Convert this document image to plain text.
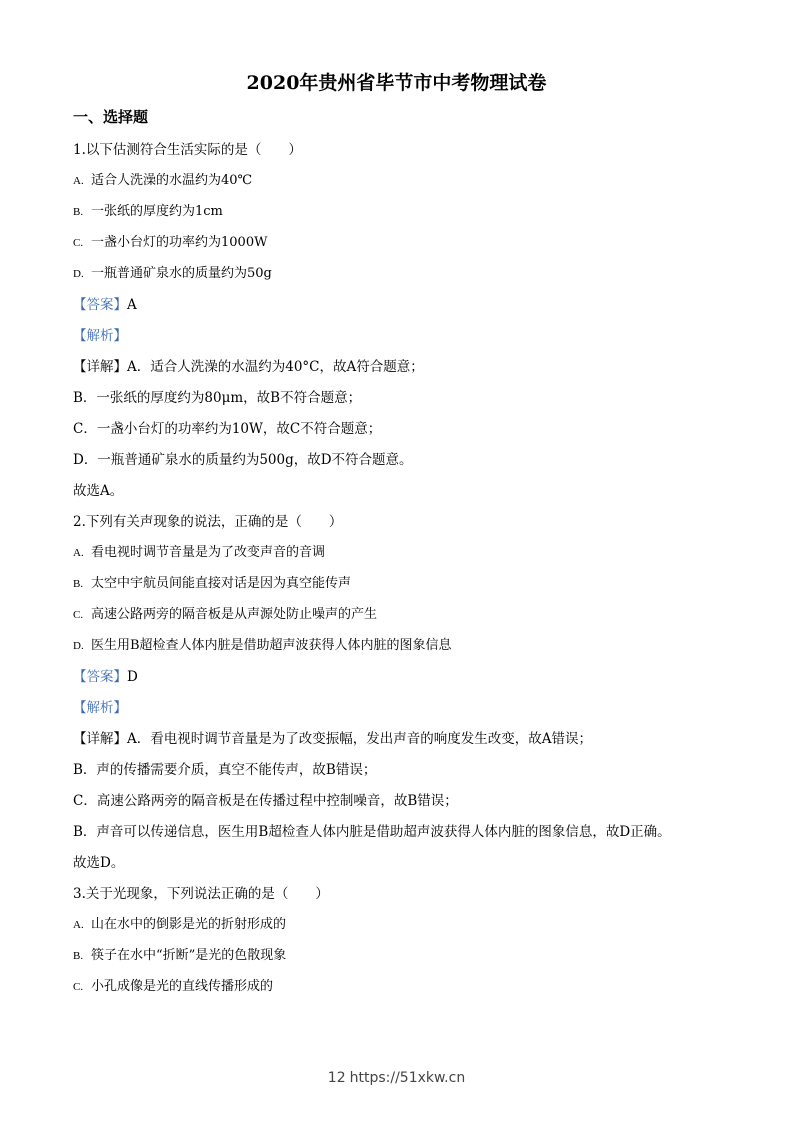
2020年贵州省毕节市中考物理试卷
一、选择题
1.以下估测符合生活实际的是（　　）
A. 适合人洗澡的水温约为40℃
B. 一张纸的厚度约为1cm
C. 一盏小台灯的功率约为1000W
D. 一瓶普通矿泉水的质量约为50g
【答案】A
【解析】
【详解】A．适合人洗澡的水温约为40°C，故A符合题意；
B．一张纸的厚度约为80μm，故B不符合题意；
C．一盏小台灯的功率约为10W，故C不符合题意；
D．一瓶普通矿泉水的质量约为500g，故D不符合题意。
故选A。
2.下列有关声现象的说法，正确的是（　　）
A. 看电视时调节音量是为了改变声音的音调
B. 太空中宇航员间能直接对话是因为真空能传声
C. 高速公路两旁的隔音板是从声源处防止噪声的产生
D. 医生用B超检查人体内脏是借助超声波获得人体内脏的图象信息
【答案】D
【解析】
【详解】A．看电视时调节音量是为了改变振幅，发出声音的响度发生改变，故A错误；
B．声的传播需要介质，真空不能传声，故B错误；
C．高速公路两旁的隔音板是在传播过程中控制噪音，故B错误；
B．声音可以传递信息，医生用B超检查人体内脏是借助超声波获得人体内脏的图象信息，故D正确。
故选D。
3.关于光现象，下列说法正确的是（　　）
A. 山在水中的倒影是光的折射形成的
B. 筷子在水中“折断”是光的色散现象
C. 小孔成像是光的直线传播形成的
12 https://51xkw.cn
